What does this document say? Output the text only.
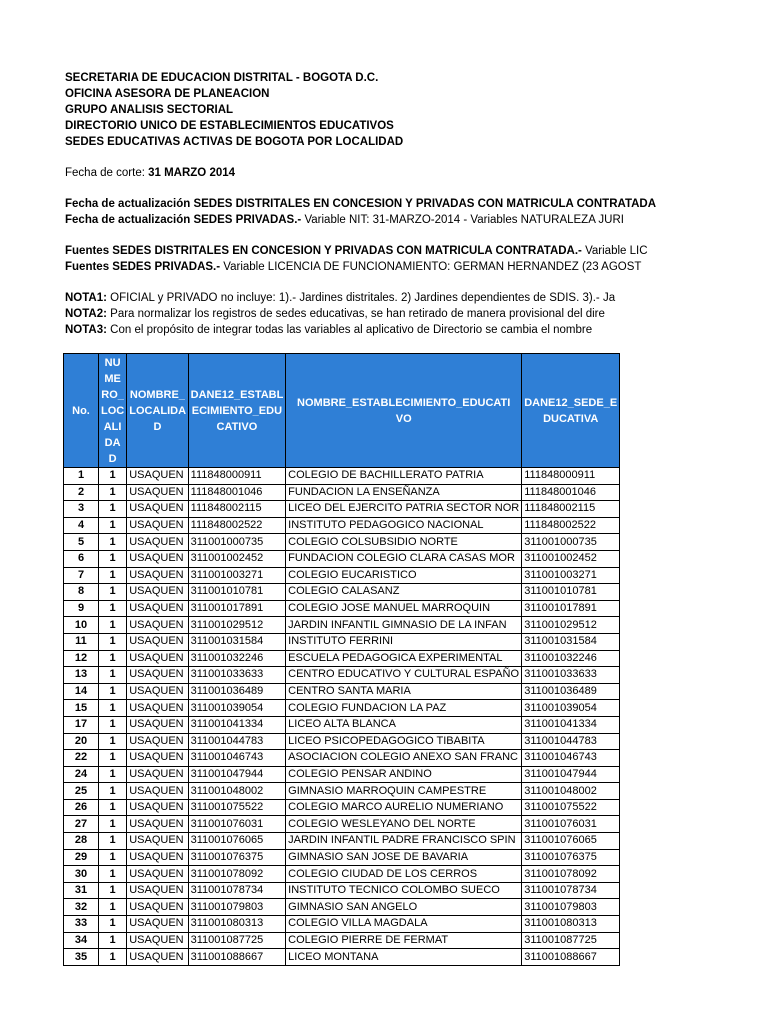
SECRETARIA DE EDUCACION DISTRITAL - BOGOTA D.C.
OFICINA ASESORA DE PLANEACION
GRUPO ANALISIS SECTORIAL
DIRECTORIO UNICO DE ESTABLECIMIENTOS EDUCATIVOS
SEDES EDUCATIVAS ACTIVAS DE BOGOTA POR LOCALIDAD
Fecha de corte: 31 MARZO 2014
Fecha de actualización SEDES DISTRITALES EN CONCESION Y PRIVADAS CON MATRICULA CONTRATADA
Fecha de actualización SEDES PRIVADAS.- Variable NIT: 31-MARZO-2014 - Variables NATURALEZA JURI
Fuentes SEDES DISTRITALES EN CONCESION Y PRIVADAS CON MATRICULA CONTRATADA.- Variable LIC
Fuentes SEDES PRIVADAS.- Variable LICENCIA DE FUNCIONAMIENTO: GERMAN HERNANDEZ (23 AGOST
NOTA1: OFICIAL y PRIVADO no incluye: 1).- Jardines distritales. 2) Jardines dependientes de SDIS. 3).- Ja
NOTA2: Para normalizar los registros de sedes educativas, se han retirado de manera provisional del dire
NOTA3: Con el propósito de integrar todas las variables al aplicativo de Directorio se cambia el nombre
No.	NU ME RO_ LOC ALI DA D	NOMBRE_ LOCALIDA D	DANE12_ESTABL ECIMIENTO_EDU CATIVO	NOMBRE_ESTABLECIMIENTO_EDUCATI VO	DANE12_SEDE_E DUCATIVA
1	1	USAQUEN	111848000911	COLEGIO DE BACHILLERATO PATRIA	111848000911
2	1	USAQUEN	111848001046	FUNDACION LA ENSEÑANZA	111848001046
3	1	USAQUEN	111848002115	LICEO DEL EJERCITO PATRIA SECTOR NOR	111848002115
4	1	USAQUEN	111848002522	INSTITUTO PEDAGOGICO NACIONAL	111848002522
5	1	USAQUEN	311001000735	COLEGIO COLSUBSIDIO NORTE	311001000735
6	1	USAQUEN	311001002452	FUNDACION COLEGIO CLARA CASAS MOR	311001002452
7	1	USAQUEN	311001003271	COLEGIO EUCARISTICO	311001003271
8	1	USAQUEN	311001010781	COLEGIO CALASANZ	311001010781
9	1	USAQUEN	311001017891	COLEGIO JOSE MANUEL MARROQUIN	311001017891
10	1	USAQUEN	311001029512	JARDIN INFANTIL GIMNASIO DE LA INFAN	311001029512
11	1	USAQUEN	311001031584	INSTITUTO FERRINI	311001031584
12	1	USAQUEN	311001032246	ESCUELA PEDAGOGICA EXPERIMENTAL	311001032246
13	1	USAQUEN	311001033633	CENTRO EDUCATIVO Y CULTURAL ESPAÑO	311001033633
14	1	USAQUEN	311001036489	CENTRO SANTA MARIA	311001036489
15	1	USAQUEN	311001039054	COLEGIO FUNDACION LA PAZ	311001039054
17	1	USAQUEN	311001041334	LICEO ALTA BLANCA	311001041334
20	1	USAQUEN	311001044783	LICEO PSICOPEDAGOGICO TIBABITA	311001044783
22	1	USAQUEN	311001046743	ASOCIACION COLEGIO ANEXO SAN FRANC	311001046743
24	1	USAQUEN	311001047944	COLEGIO PENSAR ANDINO	311001047944
25	1	USAQUEN	311001048002	GIMNASIO MARROQUIN CAMPESTRE	311001048002
26	1	USAQUEN	311001075522	COLEGIO MARCO AURELIO NUMERIANO	311001075522
27	1	USAQUEN	311001076031	COLEGIO WESLEYANO DEL NORTE	311001076031
28	1	USAQUEN	311001076065	JARDIN INFANTIL PADRE FRANCISCO SPIN	311001076065
29	1	USAQUEN	311001076375	GIMNASIO SAN JOSE DE BAVARIA	311001076375
30	1	USAQUEN	311001078092	COLEGIO CIUDAD DE LOS CERROS	311001078092
31	1	USAQUEN	311001078734	INSTITUTO TECNICO COLOMBO SUECO	311001078734
32	1	USAQUEN	311001079803	GIMNASIO SAN ANGELO	311001079803
33	1	USAQUEN	311001080313	COLEGIO VILLA MAGDALA	311001080313
34	1	USAQUEN	311001087725	COLEGIO PIERRE DE FERMAT	311001087725
35	1	USAQUEN	311001088667	LICEO MONTANA	311001088667
